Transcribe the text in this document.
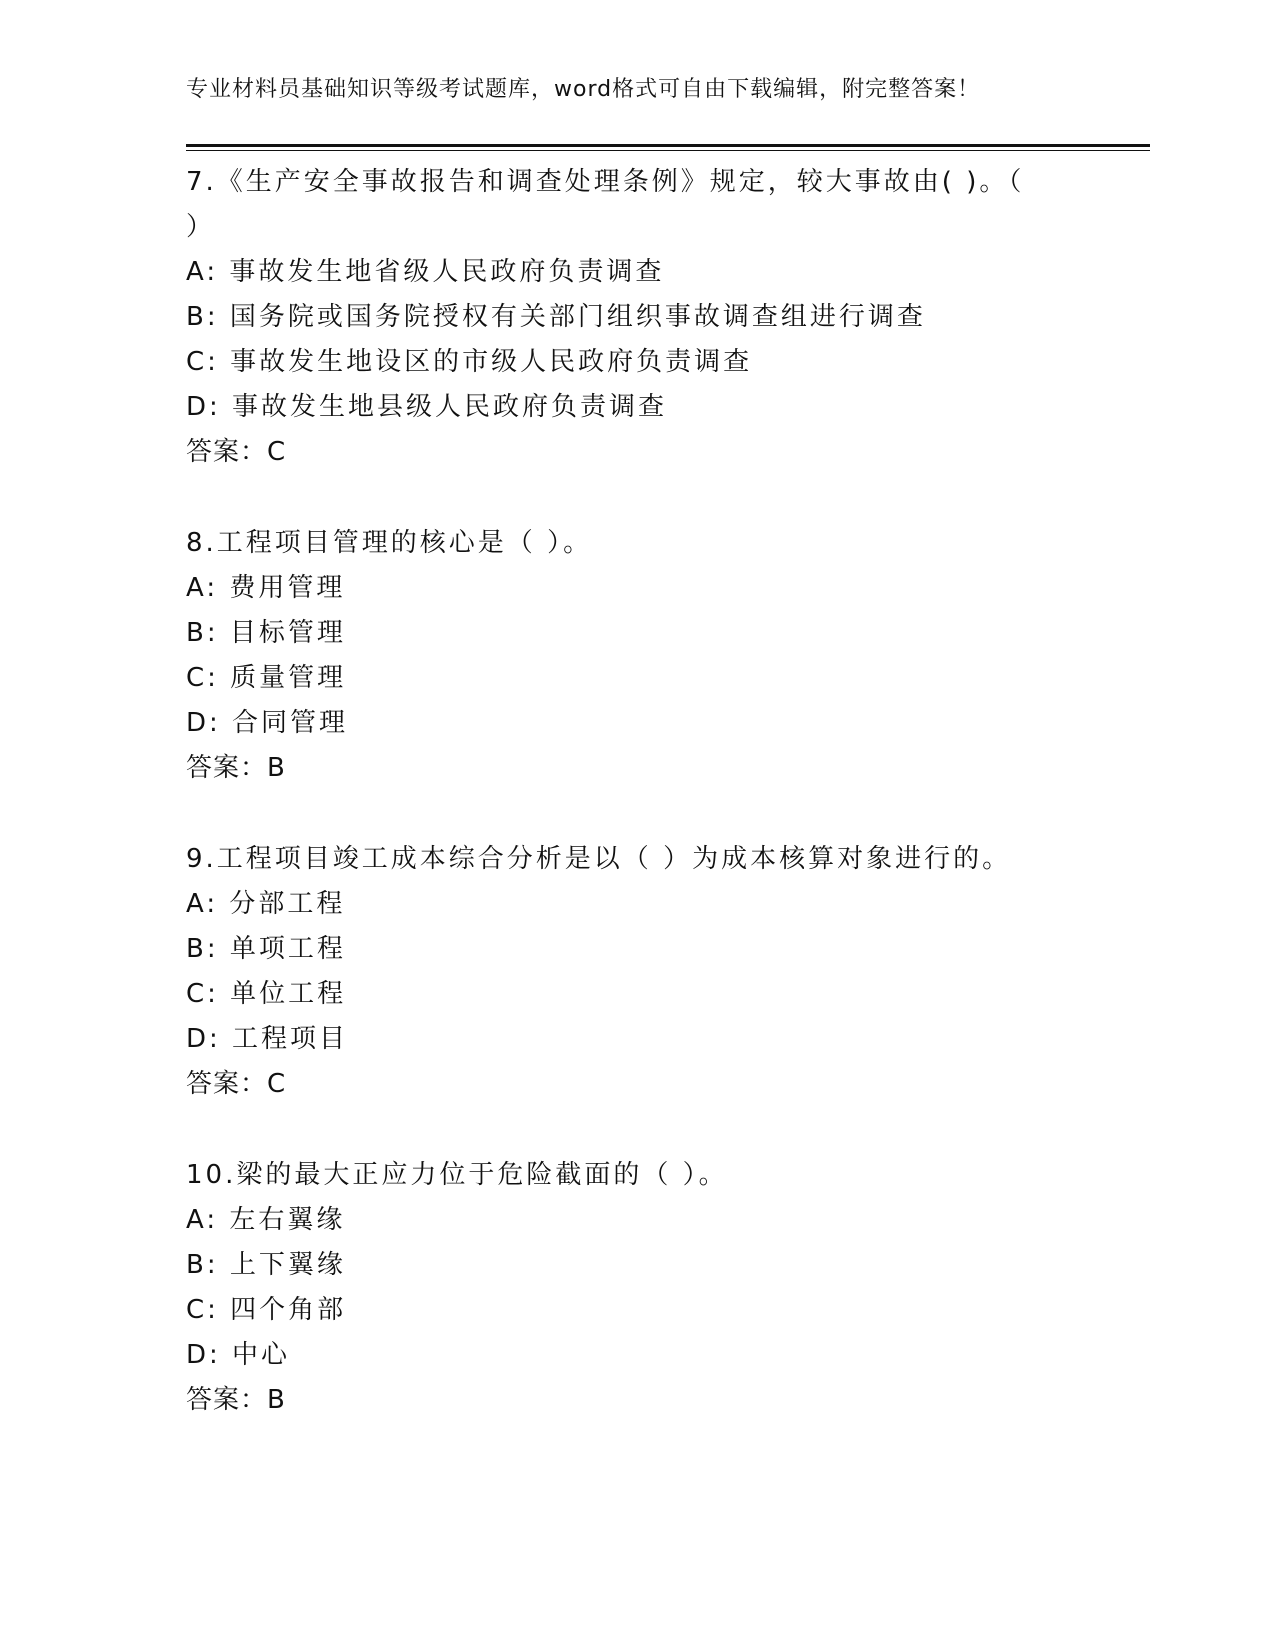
专业材料员基础知识等级考试题库，word格式可自由下载编辑，附完整答案！
7.《生产安全事故报告和调查处理条例》规定，较大事故由( )。（ ）
A: 事故发生地省级人民政府负责调查
B: 国务院或国务院授权有关部门组织事故调查组进行调查
C: 事故发生地设区的市级人民政府负责调查
D: 事故发生地县级人民政府负责调查
答案：C
8.工程项目管理的核心是（ ）。
A: 费用管理
B: 目标管理
C: 质量管理
D: 合同管理
答案：B
9.工程项目竣工成本综合分析是以（ ）为成本核算对象进行的。
A: 分部工程
B: 单项工程
C: 单位工程
D: 工程项目
答案：C
10.梁的最大正应力位于危险截面的（ ）。
A: 左右翼缘
B: 上下翼缘
C: 四个角部
D: 中心
答案：B
